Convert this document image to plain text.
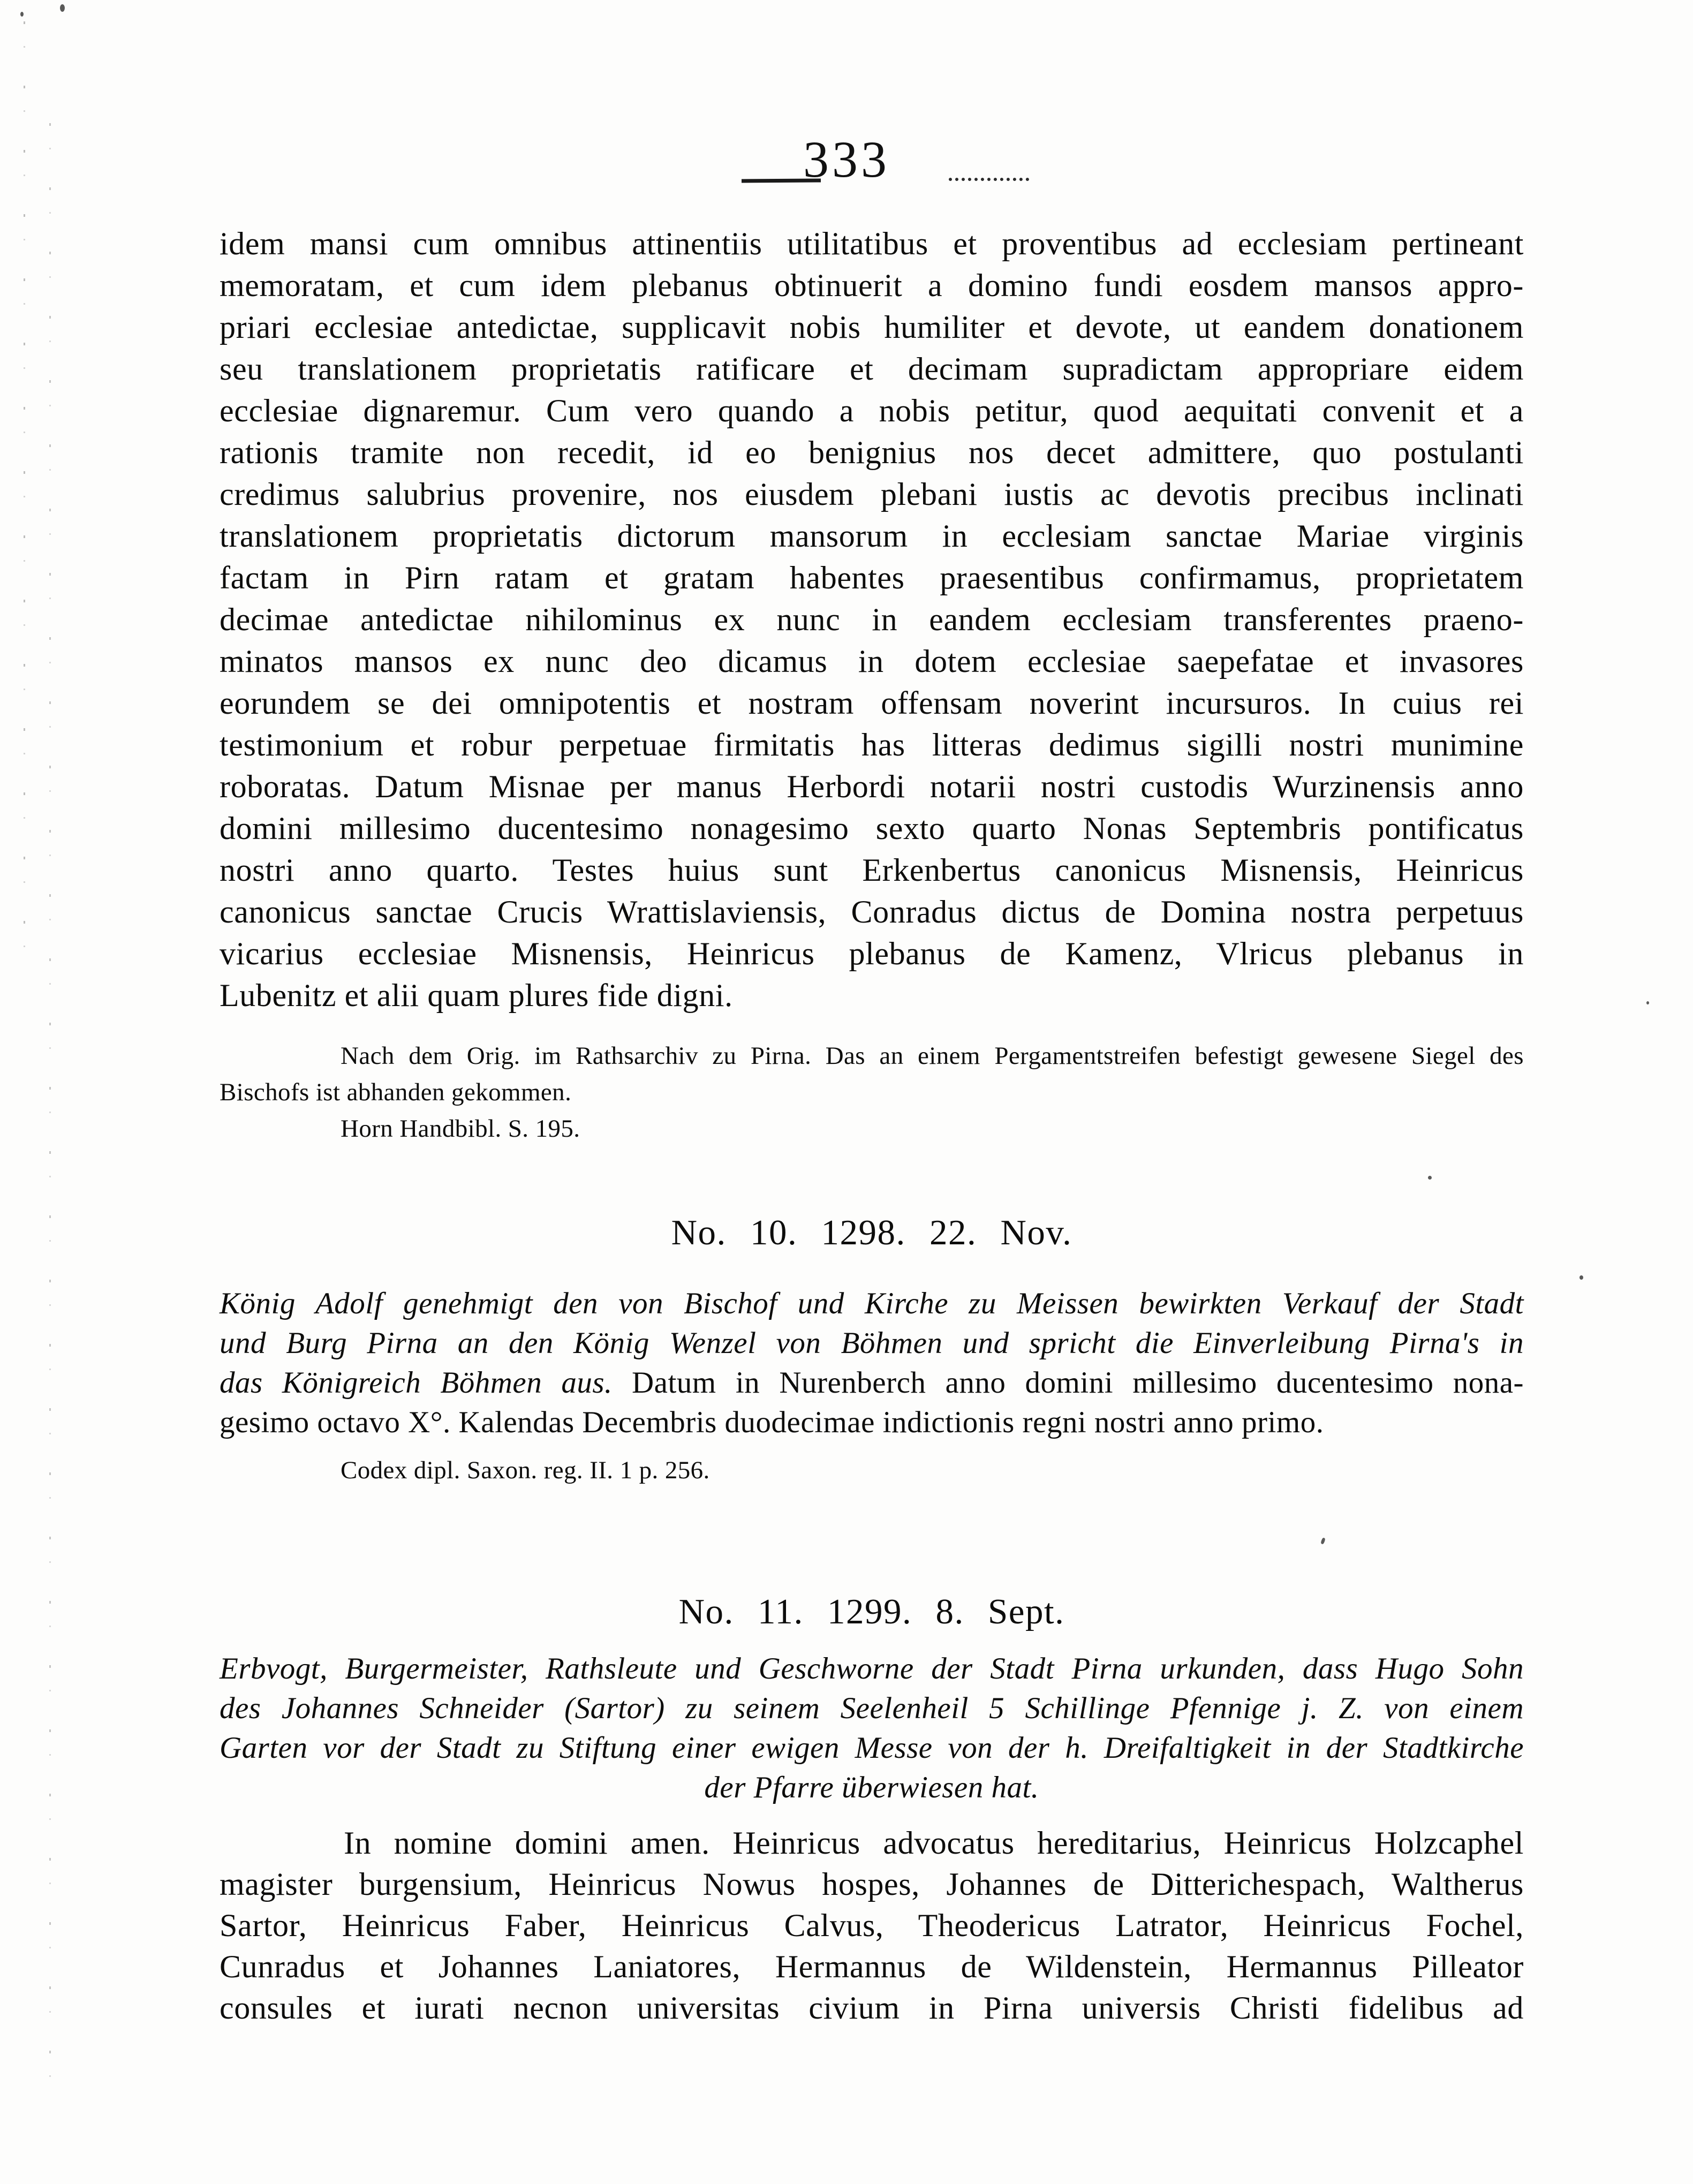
333
idem mansi cum omnibus attinentiis utilitatibus et proventibus ad ecclesiam pertineant
memoratam, et cum idem plebanus obtinuerit a domino fundi eosdem mansos appro-
priari ecclesiae antedictae, supplicavit nobis humiliter et devote, ut eandem donationem
seu translationem proprietatis ratificare et decimam supradictam appropriare eidem
ecclesiae dignaremur. Cum vero quando a nobis petitur, quod aequitati convenit et a
rationis tramite non recedit, id eo benignius nos decet admittere, quo postulanti
credimus salubrius provenire, nos eiusdem plebani iustis ac devotis precibus inclinati
translationem proprietatis dictorum mansorum in ecclesiam sanctae Mariae virginis
factam in Pirn ratam et gratam habentes praesentibus confirmamus, proprietatem
decimae antedictae nihilominus ex nunc in eandem ecclesiam transferentes praeno-
minatos mansos ex nunc deo dicamus in dotem ecclesiae saepefatae et invasores
eorundem se dei omnipotentis et nostram offensam noverint incursuros. In cuius rei
testimonium et robur perpetuae firmitatis has litteras dedimus sigilli nostri munimine
roboratas. Datum Misnae per manus Herbordi notarii nostri custodis Wurzinensis anno
domini millesimo ducentesimo nonagesimo sexto quarto Nonas Septembris pontificatus
nostri anno quarto. Testes huius sunt Erkenbertus canonicus Misnensis, Heinricus
canonicus sanctae Crucis Wrattislaviensis, Conradus dictus de Domina nostra perpetuus
vicarius ecclesiae Misnensis, Heinricus plebanus de Kamenz, Vlricus plebanus in
Lubenitz et alii quam plures fide digni.
Nach dem Orig. im Rathsarchiv zu Pirna. Das an einem Pergamentstreifen befestigt gewesene Siegel des
Bischofs ist abhanden gekommen.
Horn Handbibl. S. 195.
No. 10. 1298. 22. Nov.
König Adolf genehmigt den von Bischof und Kirche zu Meissen bewirkten Verkauf der Stadt
und Burg Pirna an den König Wenzel von Böhmen und spricht die Einverleibung Pirna's in
das Königreich Böhmen aus. Datum in Nurenberch anno domini millesimo ducentesimo nona-
gesimo octavo X°. Kalendas Decembris duodecimae indictionis regni nostri anno primo.
Codex dipl. Saxon. reg. II. 1 p. 256.
No. 11. 1299. 8. Sept.
Erbvogt, Burgermeister, Rathsleute und Geschworne der Stadt Pirna urkunden, dass Hugo Sohn
des Johannes Schneider (Sartor) zu seinem Seelenheil 5 Schillinge Pfennige j. Z. von einem
Garten vor der Stadt zu Stiftung einer ewigen Messe von der h. Dreifaltigkeit in der Stadtkirche
der Pfarre überwiesen hat.
In nomine domini amen. Heinricus advocatus hereditarius, Heinricus Holzcaphel
magister burgensium, Heinricus Nowus hospes, Johannes de Ditterichespach, Waltherus
Sartor, Heinricus Faber, Heinricus Calvus, Theodericus Latrator, Heinricus Fochel,
Cunradus et Johannes Laniatores, Hermannus de Wildenstein, Hermannus Pilleator
consules et iurati necnon universitas civium in Pirna universis Christi fidelibus ad
